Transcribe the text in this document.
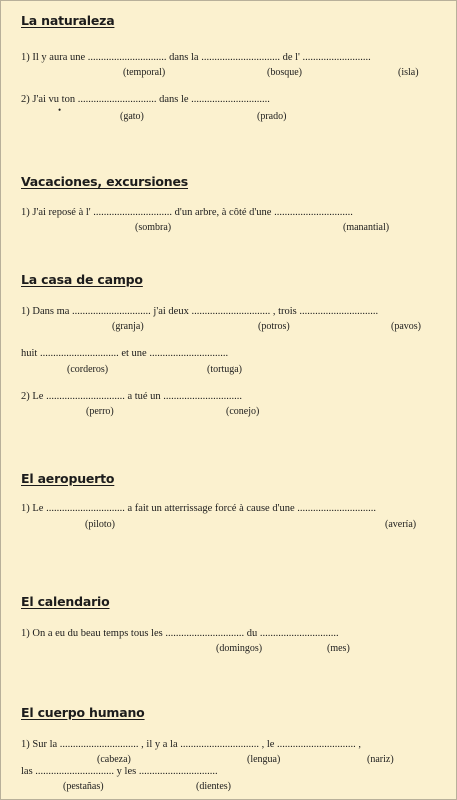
La naturaleza
1) Il y aura une .............................. dans la .............................. de l' ..........................
(temporal)	(bosque)	(isla)
2) J'ai vu ton .............................. dans le ..............................
•
(gato)	(prado)
Vacaciones, excursiones
1) J'ai reposé à l' .............................. d'un arbre, à côté d'une ..............................
(sombra)	(manantial)
La casa de campo
1) Dans ma .............................. j'ai deux .............................. , trois ..............................
(granja)	(potros)	(pavos)
huit .............................. et une ..............................
(corderos)	(tortuga)
2) Le .............................. a tué un ..............................
(perro)	(conejo)
El aeropuerto
1) Le .............................. a fait un atterrissage forcé à cause d'une ..............................
(piloto)	(avería)
El calendario
1) On a eu du beau temps tous les .............................. du ..............................
(domingos)	(mes)
El cuerpo humano
1) Sur la .............................. , il y a la .............................. , le .............................. ,
(cabeza)	(lengua)	(nariz)
las .............................. y les ..............................
(pestañas)	(dientes)
